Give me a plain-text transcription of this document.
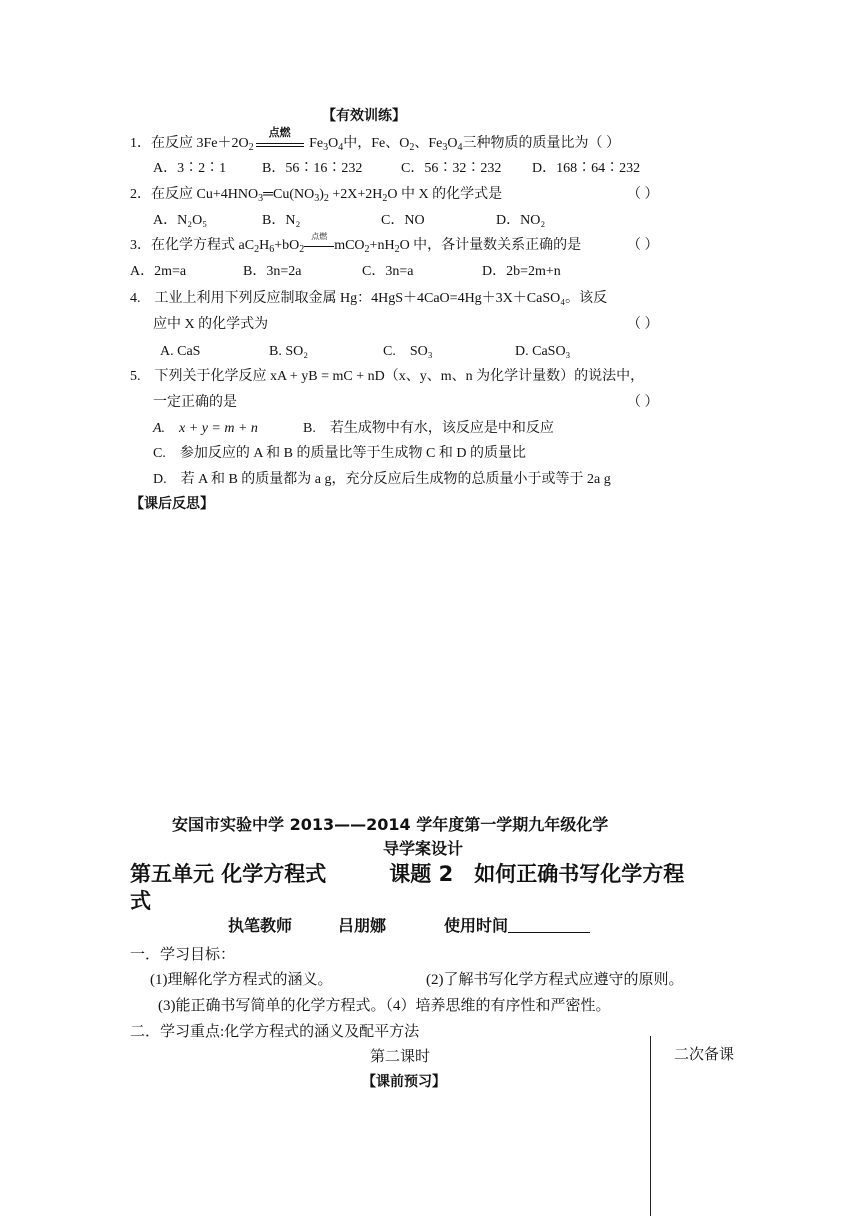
【有效训练】
1．在反应 $3Fe+2O_2$
点燃
$Fe_3O_4$中，Fe、$O_2$、$Fe_3O_4$三种物质的质量比为（ ）
A．3∶2∶1	B．56∶16∶232	C．56∶32∶232 D．168∶64∶232
2．在反应 $Cu+4HNO_3═Cu(NO_3)_2 +2X+2H_2O$ 中 X 的化学式是	（ ）
A．N₂O₅	B．N₂	C．NO	D．NO₂
3．在化学方程式 $aC_2H_6+bO_2$
点燃
$mCO_2+nH_2O$ 中，各计量数关系正确的是	（ ）
A．2m=a	B．3n=2a	C．3n=a	D．2b=2m+n
4.　工业上利用下列反应制取金属 Hg：4HgS＋4CaO=4Hg＋3X＋CaSO₄。该反
应中 X 的化学式为	（ ）
A. CaS	B. SO₂	C.　SO₃	D. CaSO₃
5.　下列关于化学反应 xA + yB = mC + nD（x、y、m、n 为化学计量数）的说法中，
一定正确的是	（ ）
A.　x + y = m + n	B.　若生成物中有水，该反应是中和反应
C.　参加反应的 A 和 B 的质量比等于生成物 C 和 D 的质量比
D.　若 A 和 B 的质量都为 a g，充分反应后生成物的总质量小于或等于 2a g
【课后反思】
安国市实验中学 2013——2014 学年度第一学期九年级化学
导学案设计
第五单元 化学方程式　　　课题 2　如何正确书写化学方程
式
执笔教师	吕朋娜	使用时间
一．学习目标：
(1)理解化学方程式的涵义。	(2)了解书写化学方程式应遵守的原则。
(3)能正确书写简单的化学方程式。（4）培养思维的有序性和严密性。
二．学习重点:化学方程式的涵义及配平方法
二次备课
第二课时
【课前预习】
